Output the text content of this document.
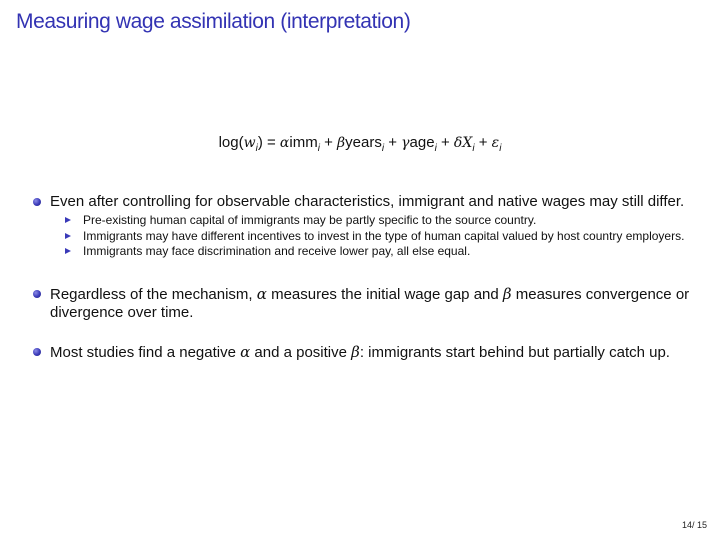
Measuring wage assimilation (interpretation)
$\log(w_i) = \alpha imm_i$ + βyears$_i$ + $\gamma age_i + \delta X_i + \varepsilon_i$
Even after controlling for observable characteristics, immigrant and native wages may still differ.
Pre-existing human capital of immigrants may be partly specific to the source country.
Immigrants may have different incentives to invest in the type of human capital valued by host country employers.
Immigrants may face discrimination and receive lower pay, all else equal.
Regardless of the mechanism, α measures the initial wage gap and β measures convergence or divergence over time.
Most studies find a negative α and a positive β: immigrants start behind but partially catch up.
14/ 15
